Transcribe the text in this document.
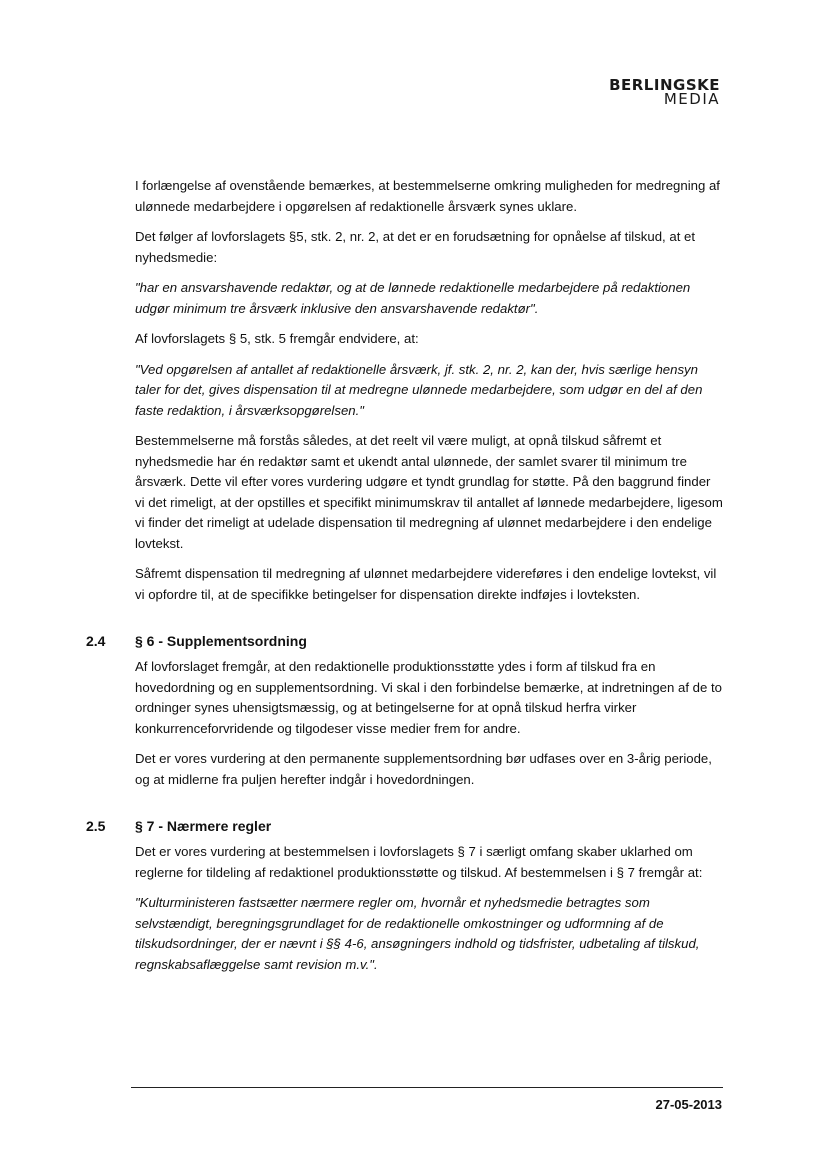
BERLINGSKE
MEDIA

I forlængelse af ovenstående bemærkes, at bestemmelserne omkring muligheden for medregning af ulønnede medarbejdere i opgørelsen af redaktionelle årsværk synes uklare.

Det følger af lovforslagets §5, stk. 2, nr. 2, at det er en forudsætning for opnåelse af tilskud, at et nyhedsmedie:

"har en ansvarshavende redaktør, og at de lønnede redaktionelle medarbejdere på redaktionen udgør minimum tre årsværk inklusive den ansvarshavende redaktør".

Af lovforslagets § 5, stk. 5 fremgår endvidere, at:

"Ved opgørelsen af antallet af redaktionelle årsværk, jf. stk. 2, nr. 2, kan der, hvis særlige hensyn taler for det, gives dispensation til at medregne ulønnede medarbejdere, som udgør en del af den faste redaktion, i årsværksopgørelsen."

Bestemmelserne må forstås således, at det reelt vil være muligt, at opnå tilskud såfremt et nyhedsmedie har én redaktør samt et ukendt antal ulønnede, der samlet svarer til minimum tre årsværk. Dette vil efter vores vurdering udgøre et tyndt grundlag for støtte. På den baggrund finder vi det rimeligt, at der opstilles et specifikt minimumskrav til antallet af lønnede medarbejdere, ligesom vi finder det rimeligt at udelade dispensation til medregning af ulønnet medarbejdere i den endelige lovtekst.

Såfremt dispensation til medregning af ulønnet medarbejdere videreføres i den endelige lovtekst, vil vi opfordre til, at de specifikke betingelser for dispensation direkte indføjes i lovteksten.

2.4 § 6 - Supplementsordning

Af lovforslaget fremgår, at den redaktionelle produktionsstøtte ydes i form af tilskud fra en hovedordning og en supplementsordning. Vi skal i den forbindelse bemærke, at indretningen af de to ordninger synes uhensigtsmæssig, og at betingelserne for at opnå tilskud herfra virker konkurrenceforvridende og tilgodeser visse medier frem for andre.

Det er vores vurdering at den permanente supplementsordning bør udfases over en 3-årig periode, og at midlerne fra puljen herefter indgår i hovedordningen.

2.5 § 7 - Nærmere regler

Det er vores vurdering at bestemmelsen i lovforslagets § 7 i særligt omfang skaber uklarhed om reglerne for tildeling af redaktionel produktionsstøtte og tilskud. Af bestemmelsen i § 7 fremgår at:

"Kulturministeren fastsætter nærmere regler om, hvornår et nyhedsmedie betragtes som selvstændigt, beregningsgrundlaget for de redaktionelle omkostninger og udformning af de tilskudsordninger, der er nævnt i §§ 4-6, ansøgningers indhold og tidsfrister, udbetaling af tilskud, regnskabsaflæggelse samt revision m.v.".

27-05-2013
